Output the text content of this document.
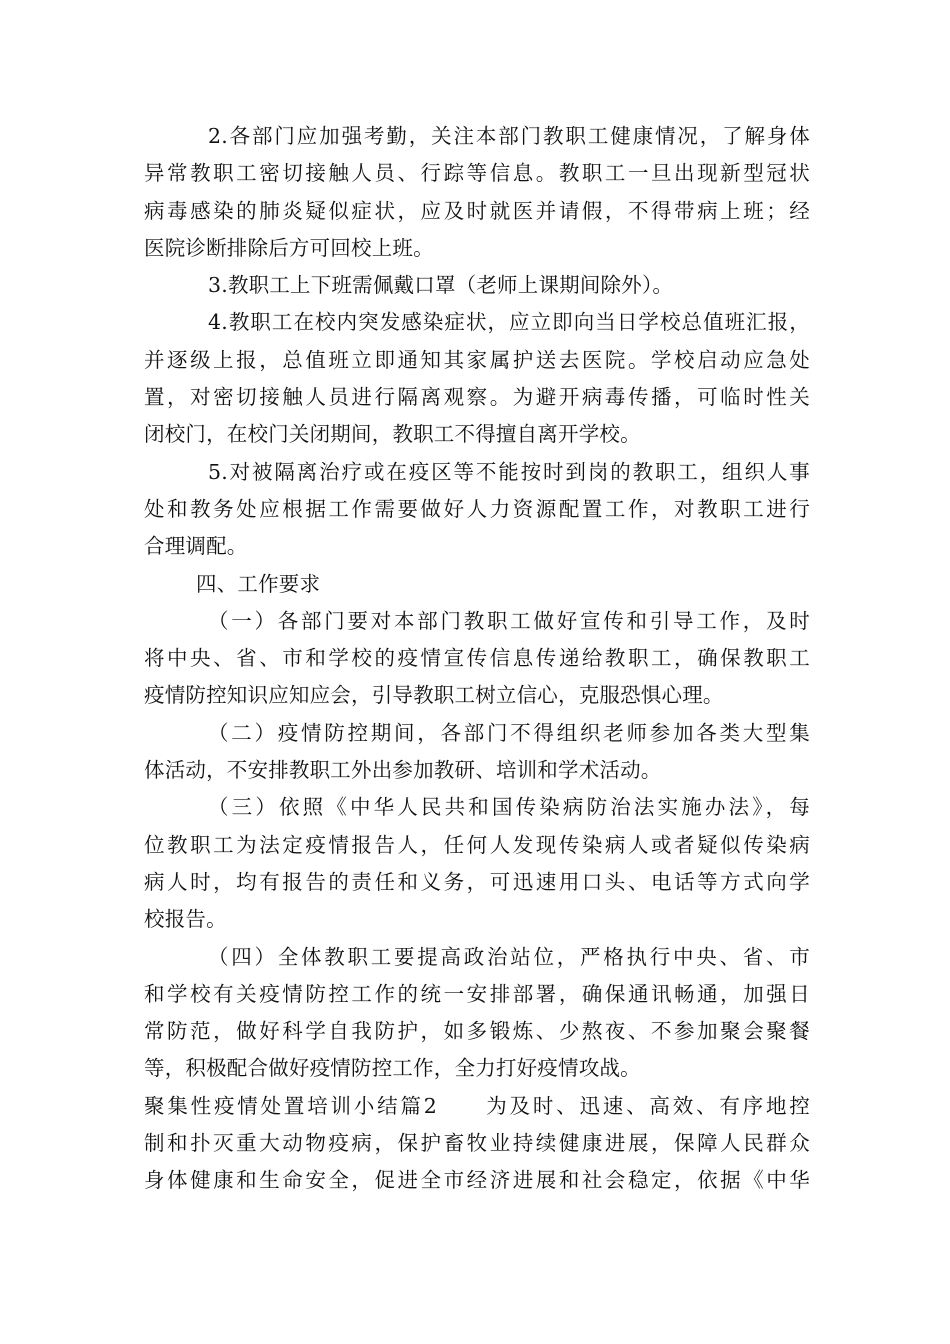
2.各部门应加强考勤，关注本部门教职工健康情况，了解身体
异常教职工密切接触人员、行踪等信息。教职工一旦出现新型冠状
病毒感染的肺炎疑似症状，应及时就医并请假，不得带病上班；经
医院诊断排除后方可回校上班。
3.教职工上下班需佩戴口罩（老师上课期间除外）。
4.教职工在校内突发感染症状，应立即向当日学校总值班汇报，
并逐级上报，总值班立即通知其家属护送去医院。学校启动应急处
置，对密切接触人员进行隔离观察。为避开病毒传播，可临时性关
闭校门，在校门关闭期间，教职工不得擅自离开学校。
5.对被隔离治疗或在疫区等不能按时到岗的教职工，组织人事
处和教务处应根据工作需要做好人力资源配置工作，对教职工进行
合理调配。
四、工作要求
（一）各部门要对本部门教职工做好宣传和引导工作，及时
将中央、省、市和学校的疫情宣传信息传递给教职工，确保教职工
疫情防控知识应知应会，引导教职工树立信心，克服恐惧心理。
（二）疫情防控期间，各部门不得组织老师参加各类大型集
体活动，不安排教职工外出参加教研、培训和学术活动。
（三）依照《中华人民共和国传染病防治法实施办法》，每
位教职工为法定疫情报告人，任何人发现传染病人或者疑似传染病
病人时，均有报告的责任和义务，可迅速用口头、电话等方式向学
校报告。
（四）全体教职工要提高政治站位，严格执行中央、省、市
和学校有关疫情防控工作的统一安排部署，确保通讯畅通，加强日
常防范，做好科学自我防护，如多锻炼、少熬夜、不参加聚会聚餐
等，积极配合做好疫情防控工作，全力打好疫情攻战。
聚集性疫情处置培训小结篇2　　为及时、迅速、高效、有序地控
制和扑灭重大动物疫病，保护畜牧业持续健康进展，保障人民群众
身体健康和生命安全，促进全市经济进展和社会稳定，依据《中华
